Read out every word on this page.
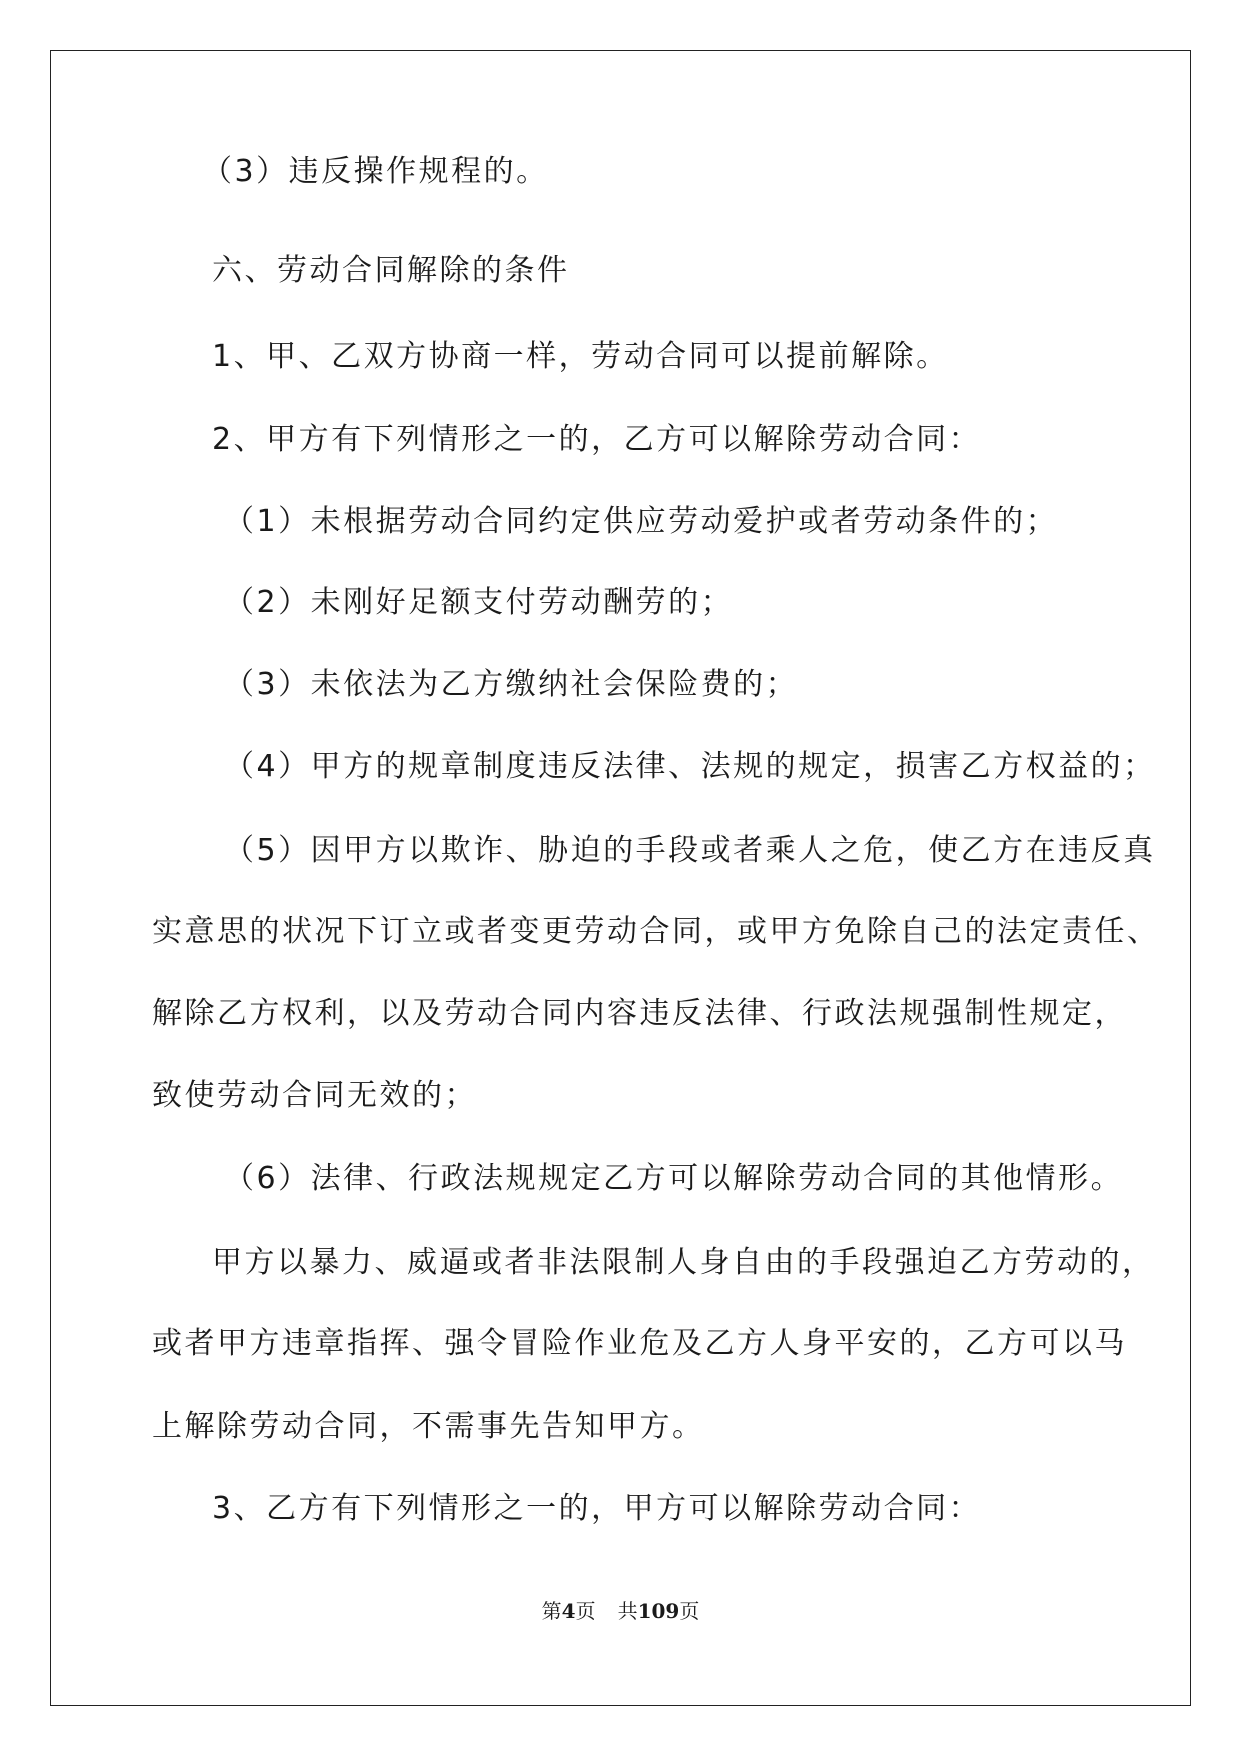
（3）违反操作规程的。
六、劳动合同解除的条件
1、甲、乙双方协商一样，劳动合同可以提前解除。
2、甲方有下列情形之一的，乙方可以解除劳动合同：
（1）未根据劳动合同约定供应劳动爱护或者劳动条件的；
（2）未刚好足额支付劳动酬劳的；
（3）未依法为乙方缴纳社会保险费的；
（4）甲方的规章制度违反法律、法规的规定，损害乙方权益的；
（5）因甲方以欺诈、胁迫的手段或者乘人之危，使乙方在违反真
实意思的状况下订立或者变更劳动合同，或甲方免除自己的法定责任、
解除乙方权利，以及劳动合同内容违反法律、行政法规强制性规定，
致使劳动合同无效的；
（6）法律、行政法规规定乙方可以解除劳动合同的其他情形。
甲方以暴力、威逼或者非法限制人身自由的手段强迫乙方劳动的，
或者甲方违章指挥、强令冒险作业危及乙方人身平安的，乙方可以马
上解除劳动合同，不需事先告知甲方。
3、乙方有下列情形之一的，甲方可以解除劳动合同：
第4页 共109页
